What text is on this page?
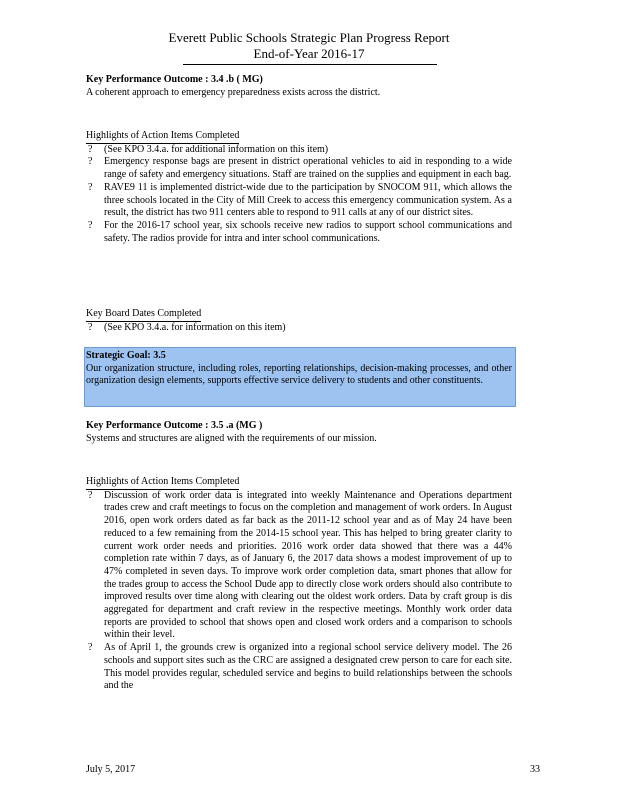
Everett Public Schools Strategic Plan Progress Report
End-of-Year 2016-17
Key Performance Outcome : 3.4 .b ( MG)
A coherent approach to emergency preparedness exists across the district.
Highlights of Action Items Completed
? (See KPO 3.4.a. for additional information on this item)
? Emergency response bags are present in district operational vehicles to aid in responding to a wide range of safety and emergency situations. Staff are trained on the supplies and equipment in each bag.
? RAVE9 11 is implemented district-wide due to the participation by SNOCOM 911, which allows the three schools located in the City of Mill Creek to access this emergency communication system. As a result, the district has two 911 centers able to respond to 911 calls at any of our district sites.
? For the 2016-17 school year, six schools receive new radios to support school communications and safety. The radios provide for intra and inter school communications.
Key Board Dates Completed
? (See KPO 3.4.a. for information on this item)
Strategic Goal: 3.5
Our organization structure, including roles, reporting relationships, decision-making processes, and other organization design elements, supports effective service delivery to students and other constituents.
Key Performance Outcome : 3.5 .a (MG )
Systems and structures are aligned with the requirements of our mission.
Highlights of Action Items Completed
? Discussion of work order data is integrated into weekly Maintenance and Operations department trades crew and craft meetings to focus on the completion and management of work orders. In August 2016, open work orders dated as far back as the 2011-12 school year and as of May 24 have been reduced to a few remaining from the 2014-15 school year. This has helped to bring greater clarity to current work order needs and priorities. 2016 work order data showed that there was a 44% completion rate within 7 days, as of January 6, the 2017 data shows a modest improvement of up to 47% completed in seven days. To improve work order completion data, smart phones that allow for the trades group to access the School Dude app to directly close work orders should also contribute to improved results over time along with clearing out the oldest work orders. Data by craft group is dis aggregated for department and craft review in the respective meetings. Monthly work order data reports are provided to school that shows open and closed work orders and a comparison to schools within their level.
? As of April 1, the grounds crew is organized into a regional school service delivery model. The 26 schools and support sites such as the CRC are assigned a designated crew person to care for each site. This model provides regular, scheduled service and begins to build relationships between the schools and the
July 5, 2017	33
